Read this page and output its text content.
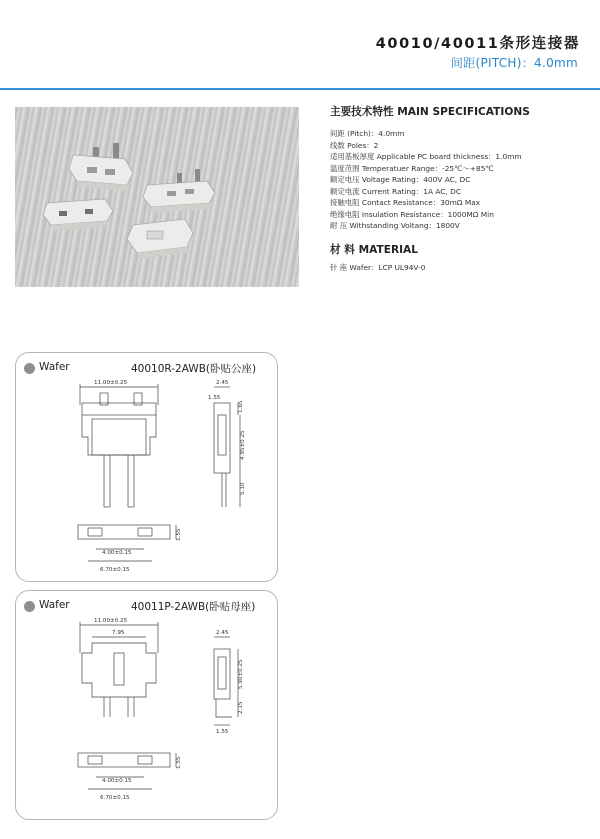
40010/40011条形连接器
间距(PITCH)：4.0mm
主要技术特性 MAIN SPECIFICATIONS
间距 (Pitch)：4.0mm
线数 Poles：2
适用基板厚度 Applicable PC board thickness：1.0mm
温度范围 Temperatuer Range：-25℃～+85℃
额定电压 Voltage Rating：400V AC, DC
额定电流 Current Rating：1A AC, DC
接触电阻 Contact Resistance：30mΩ Max
绝缘电阻 Insulation Resistance：1000MΩ Min
耐 压 Withstanding Voltang：1800V
材 料 MATERIAL
针 座 Wafer：LCP UL94V-0
Wafer	40010R-2AWB(卧贴公座)
11.00±0.25	2.45
1.55
1.65
4.95±0.25
5.10
1.55
4.00±0.15
6.70±0.15
Wafer	40011P-2AWB(卧贴母座)
11.00±0.25
7.95	2.45
5.90±0.25
2.15
1.55
1.55
4.00±0.15
6.70±0.15
